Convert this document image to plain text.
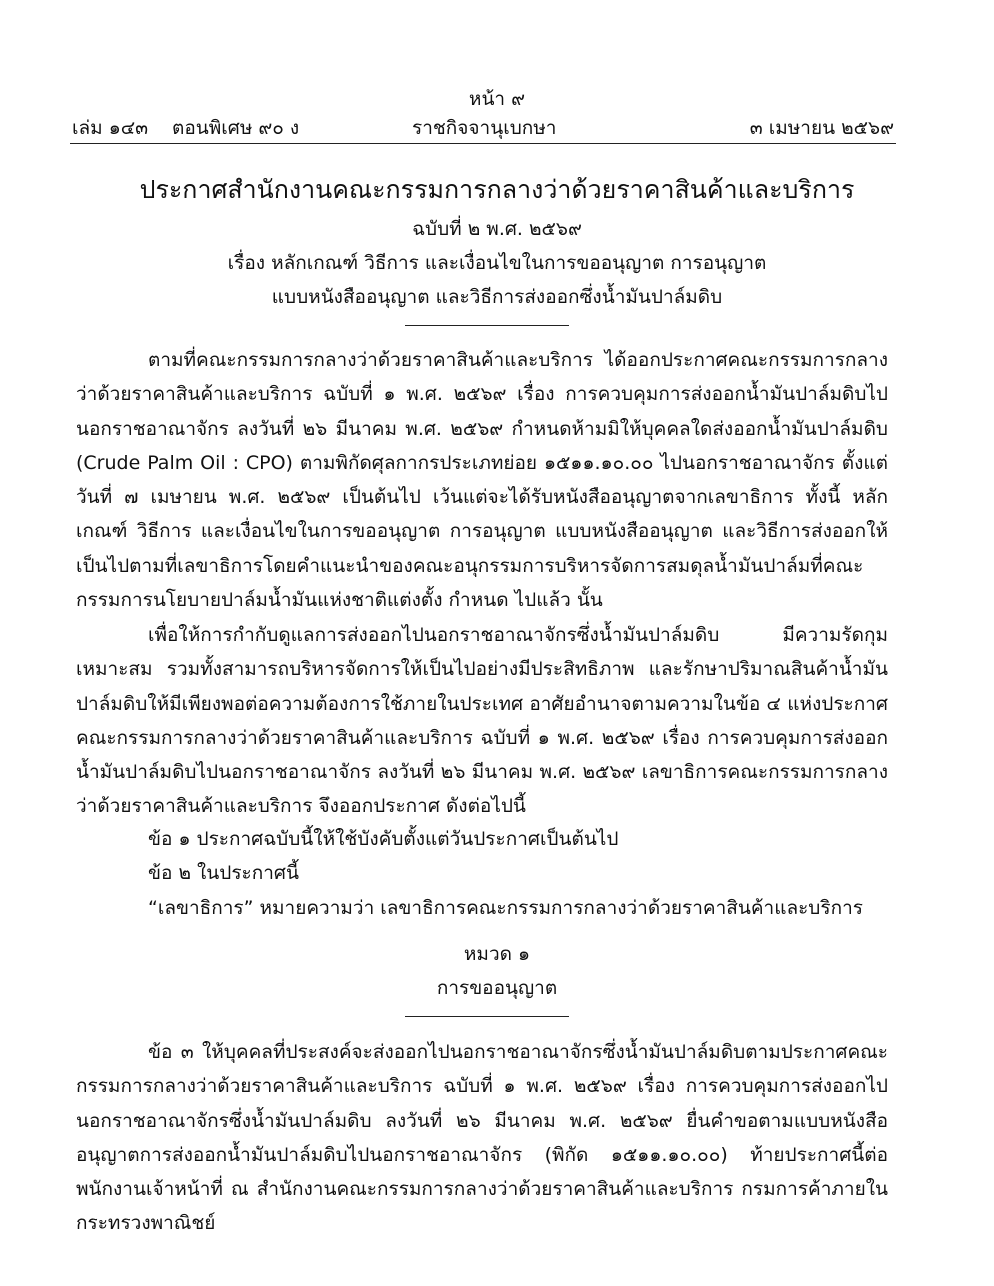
หน้า ๙
เล่ม ๑๔๓ ตอนพิเศษ ๙๐ ง	ราชกิจจานุเบกษา	๓ เมษายน ๒๕๖๙
ประกาศสำนักงานคณะกรรมการกลางว่าด้วยราคาสินค้าและบริการ
ฉบับที่ ๒ พ.ศ. ๒๕๖๙
เรื่อง หลักเกณฑ์ วิธีการ และเงื่อนไขในการขออนุญาต การอนุญาต
แบบหนังสืออนุญาต และวิธีการส่งออกซึ่งน้ำมันปาล์มดิบ

ตามที่คณะกรรมการกลางว่าด้วยราคาสินค้าและบริการ ได้ออกประกาศคณะกรรมการกลางว่าด้วยราคาสินค้าและบริการ ฉบับที่ ๑ พ.ศ. ๒๕๖๙ เรื่อง การควบคุมการส่งออกน้ำมันปาล์มดิบไปนอกราชอาณาจักร ลงวันที่ ๒๖ มีนาคม พ.ศ. ๒๕๖๙ กำหนดห้ามมิให้บุคคลใดส่งออกน้ำมันปาล์มดิบ (Crude Palm Oil : CPO) ตามพิกัดศุลกากรประเภทย่อย ๑๕๑๑.๑๐.๐๐ ไปนอกราชอาณาจักร ตั้งแต่วันที่ ๗ เมษายน พ.ศ. ๒๕๖๙ เป็นต้นไป เว้นแต่จะได้รับหนังสืออนุญาตจากเลขาธิการ ทั้งนี้ หลักเกณฑ์ วิธีการ และเงื่อนไขในการขออนุญาต การอนุญาต แบบหนังสืออนุญาต และวิธีการส่งออกให้เป็นไปตามที่เลขาธิการโดยคำแนะนำของคณะอนุกรรมการบริหารจัดการสมดุลน้ำมันปาล์มที่คณะกรรมการนโยบายปาล์มน้ำมันแห่งชาติแต่งตั้ง กำหนด ไปแล้ว นั้น

เพื่อให้การกำกับดูแลการส่งออกไปนอกราชอาณาจักรซึ่งน้ำมันปาล์มดิบ มีความรัดกุม เหมาะสม รวมทั้งสามารถบริหารจัดการให้เป็นไปอย่างมีประสิทธิภาพ และรักษาปริมาณสินค้าน้ำมันปาล์มดิบให้มีเพียงพอต่อความต้องการใช้ภายในประเทศ อาศัยอำนาจตามความในข้อ ๔ แห่งประกาศคณะกรรมการกลางว่าด้วยราคาสินค้าและบริการ ฉบับที่ ๑ พ.ศ. ๒๕๖๙ เรื่อง การควบคุมการส่งออกน้ำมันปาล์มดิบไปนอกราชอาณาจักร ลงวันที่ ๒๖ มีนาคม พ.ศ. ๒๕๖๙ เลขาธิการคณะกรรมการกลางว่าด้วยราคาสินค้าและบริการ จึงออกประกาศ ดังต่อไปนี้

ข้อ ๑ ประกาศฉบับนี้ให้ใช้บังคับตั้งแต่วันประกาศเป็นต้นไป
ข้อ ๒ ในประกาศนี้
“เลขาธิการ” หมายความว่า เลขาธิการคณะกรรมการกลางว่าด้วยราคาสินค้าและบริการ
หมวด ๑
การขออนุญาต

ข้อ ๓ ให้บุคคลที่ประสงค์จะส่งออกไปนอกราชอาณาจักรซึ่งน้ำมันปาล์มดิบตามประกาศคณะกรรมการกลางว่าด้วยราคาสินค้าและบริการ ฉบับที่ ๑ พ.ศ. ๒๕๖๙ เรื่อง การควบคุมการส่งออกไปนอกราชอาณาจักรซึ่งน้ำมันปาล์มดิบ ลงวันที่ ๒๖ มีนาคม พ.ศ. ๒๕๖๙ ยื่นคำขอตามแบบหนังสืออนุญาตการส่งออกน้ำมันปาล์มดิบไปนอกราชอาณาจักร (พิกัด ๑๕๑๑.๑๐.๐๐) ท้ายประกาศนี้ต่อพนักงานเจ้าหน้าที่ ณ สำนักงานคณะกรรมการกลางว่าด้วยราคาสินค้าและบริการ กรมการค้าภายในกระทรวงพาณิชย์
